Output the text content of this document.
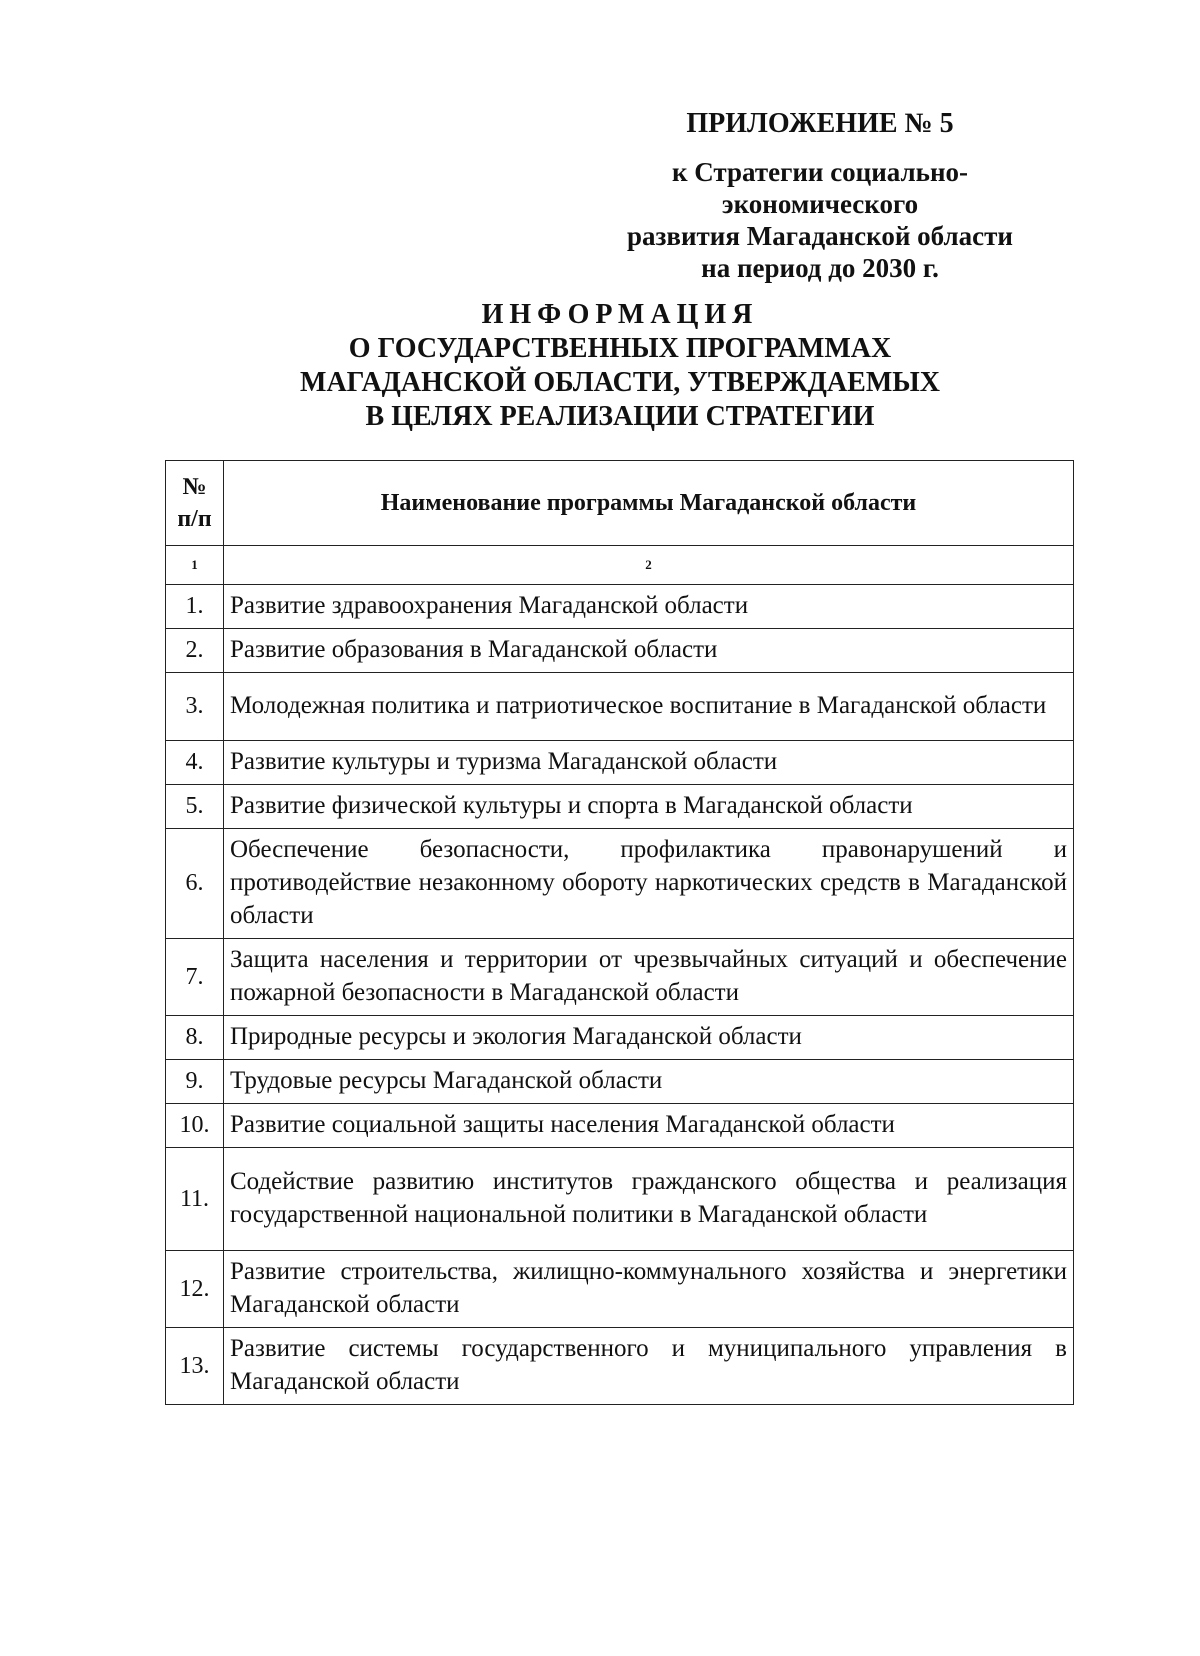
ПРИЛОЖЕНИЕ № 5
к Стратегии социально-
экономического
развития Магаданской области
на период до 2030 г.
ИНФОРМАЦИЯ
О ГОСУДАРСТВЕННЫХ ПРОГРАММАХ
МАГАДАНСКОЙ ОБЛАСТИ, УТВЕРЖДАЕМЫХ
В ЦЕЛЯХ РЕАЛИЗАЦИИ СТРАТЕГИИ
№
п/п	Наименование программы Магаданской области
1	2
1.	Развитие здравоохранения Магаданской области
2.	Развитие образования в Магаданской области
3.	Молодежная политика и патриотическое воспитание в Магаданской области
4.	Развитие культуры и туризма Магаданской области
5.	Развитие физической культуры и спорта в Магаданской области
6.	Обеспечение безопасности, профилактика правонарушений и противодействие незаконному обороту наркотических средств в Магаданской области
7.	Защита населения и территории от чрезвычайных ситуаций и обеспечение пожарной безопасности в Магаданской области
8.	Природные ресурсы и экология Магаданской области
9.	Трудовые ресурсы Магаданской области
10.	Развитие социальной защиты населения Магаданской области
11.	Содействие развитию институтов гражданского общества и реализация государственной национальной политики в Магаданской области
12.	Развитие строительства, жилищно-коммунального хозяйства и энергетики Магаданской области
13.	Развитие системы государственного и муниципального управления в Магаданской области
